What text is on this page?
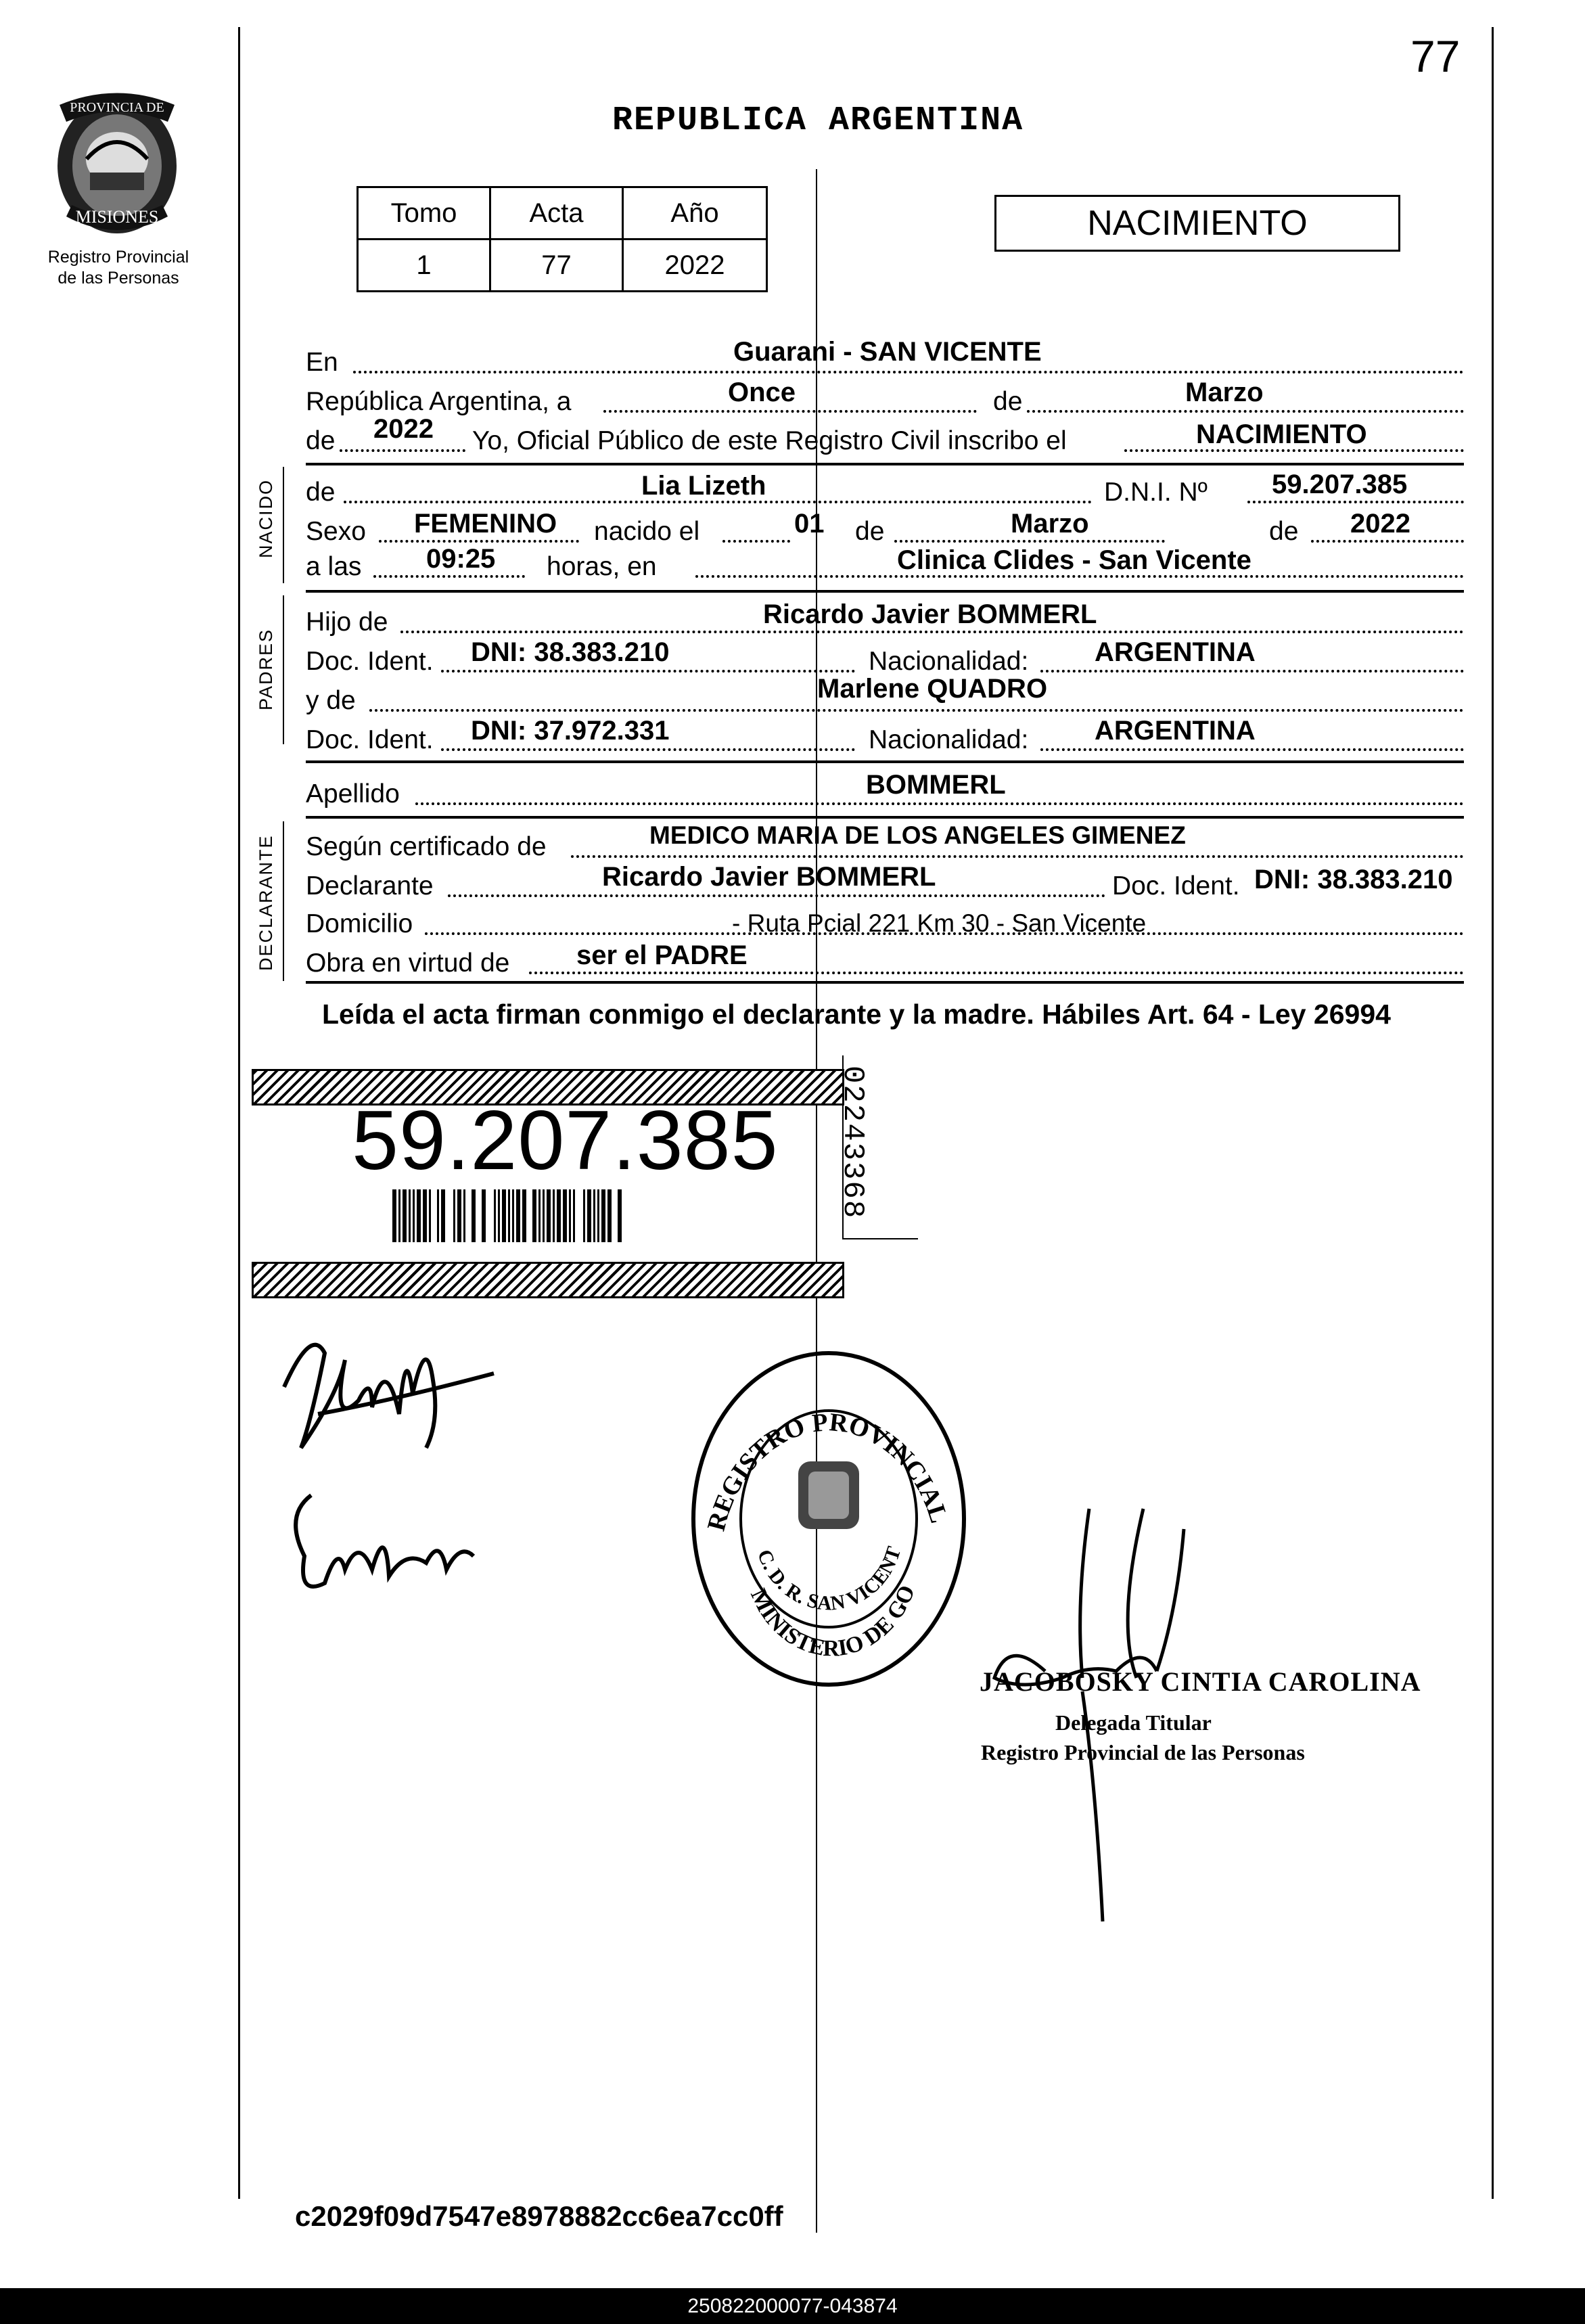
77
REPUBLICA ARGENTINA
PROVINCIA DE
MISIONES
Registro Provincial
de las Personas
Tomo	Acta	Año
1	77	2022
NACIMIENTO
En	Guarani - SAN VICENTE
República Argentina, a	Once	de	Marzo
de 2022 Yo, Oficial Público de este Registro Civil inscribo el	NACIMIENTO
NACIDO de	Lia Lizeth	D.N.I. Nº 59.207.385
Sexo FEMENINO nacido el	01 de	Marzo	de 2022
a las 09:25 horas, en	Clinica Clides - San Vicente
PADRES
Hijo de	Ricardo Javier BOMMERL
Doc. Ident. DNI: 38.383.210	Nacionalidad: ARGENTINA
y de	Marlene QUADRO
Doc. Ident. DNI: 37.972.331	Nacionalidad: ARGENTINA
Apellido	BOMMERL
DECLARANTE Según certificado de	MEDICO MARIA DE LOS ANGELES GIMENEZ
Declarante	Ricardo Javier BOMMERL	Doc. Ident. DNI: 38.383.210
Domicilio	- Ruta Pcial 221 Km 30 - San Vicente
Obra en virtud de ser el PADRE
Leída el acta firman conmigo el declarante y la madre. Hábiles Art. 64 - Ley 26994
59.207.385 02243368
REGISTRO PROVINCIAL
C. D. R. SAN VICENT
MINISTERIO DE GO
JACOBOSKY CINTIA CAROLINA
Delegada Titular
Registro Provincial de las Personas
c2029f09d7547e8978882cc6ea7cc0ff
250822000077-043874
